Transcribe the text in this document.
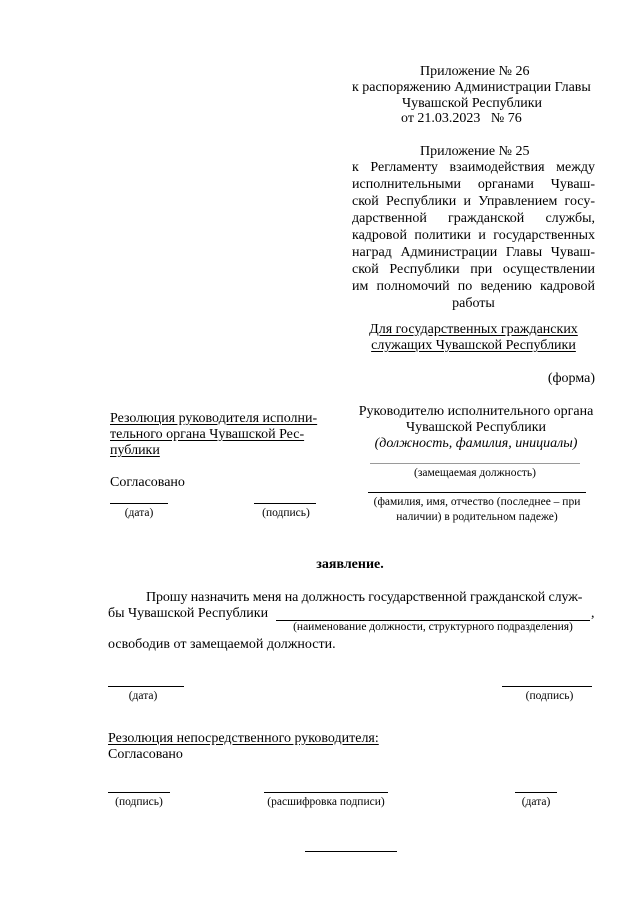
Приложение № 26
к распоряжению Администрации Главы
Чувашской Республики
от 21.03.2023   № 76
Приложение № 25
к Регламенту взаимодействия между
исполнительными органами Чуваш-
ской Республики и Управлением госу-
дарственной гражданской службы,
кадровой политики и государственных
наград Администрации Главы Чуваш-
ской Республики при осуществлении
им полномочий по ведению кадровой
работы
Для государственных гражданских
служащих Чувашской Республики
(форма)
Резолюция руководителя исполни-
тельного органа Чувашской Рес-
публики
Согласовано
(дата)	(подпись)
Руководителю исполнительного органа
Чувашской Республики
(должность, фамилия, инициалы)
(замещаемая должность)
(фамилия, имя, отчество (последнее – при
наличии) в родительном падеже)
заявление.
Прошу назначить меня на должность государственной гражданской служ-
бы Чувашской Республики	,
(наименование должности, структурного подразделения)
освободив от замещаемой должности.
(дата)	(подпись)
Резолюция непосредственного руководителя:
Согласовано
(подпись)	(расшифровка подписи)	(дата)
